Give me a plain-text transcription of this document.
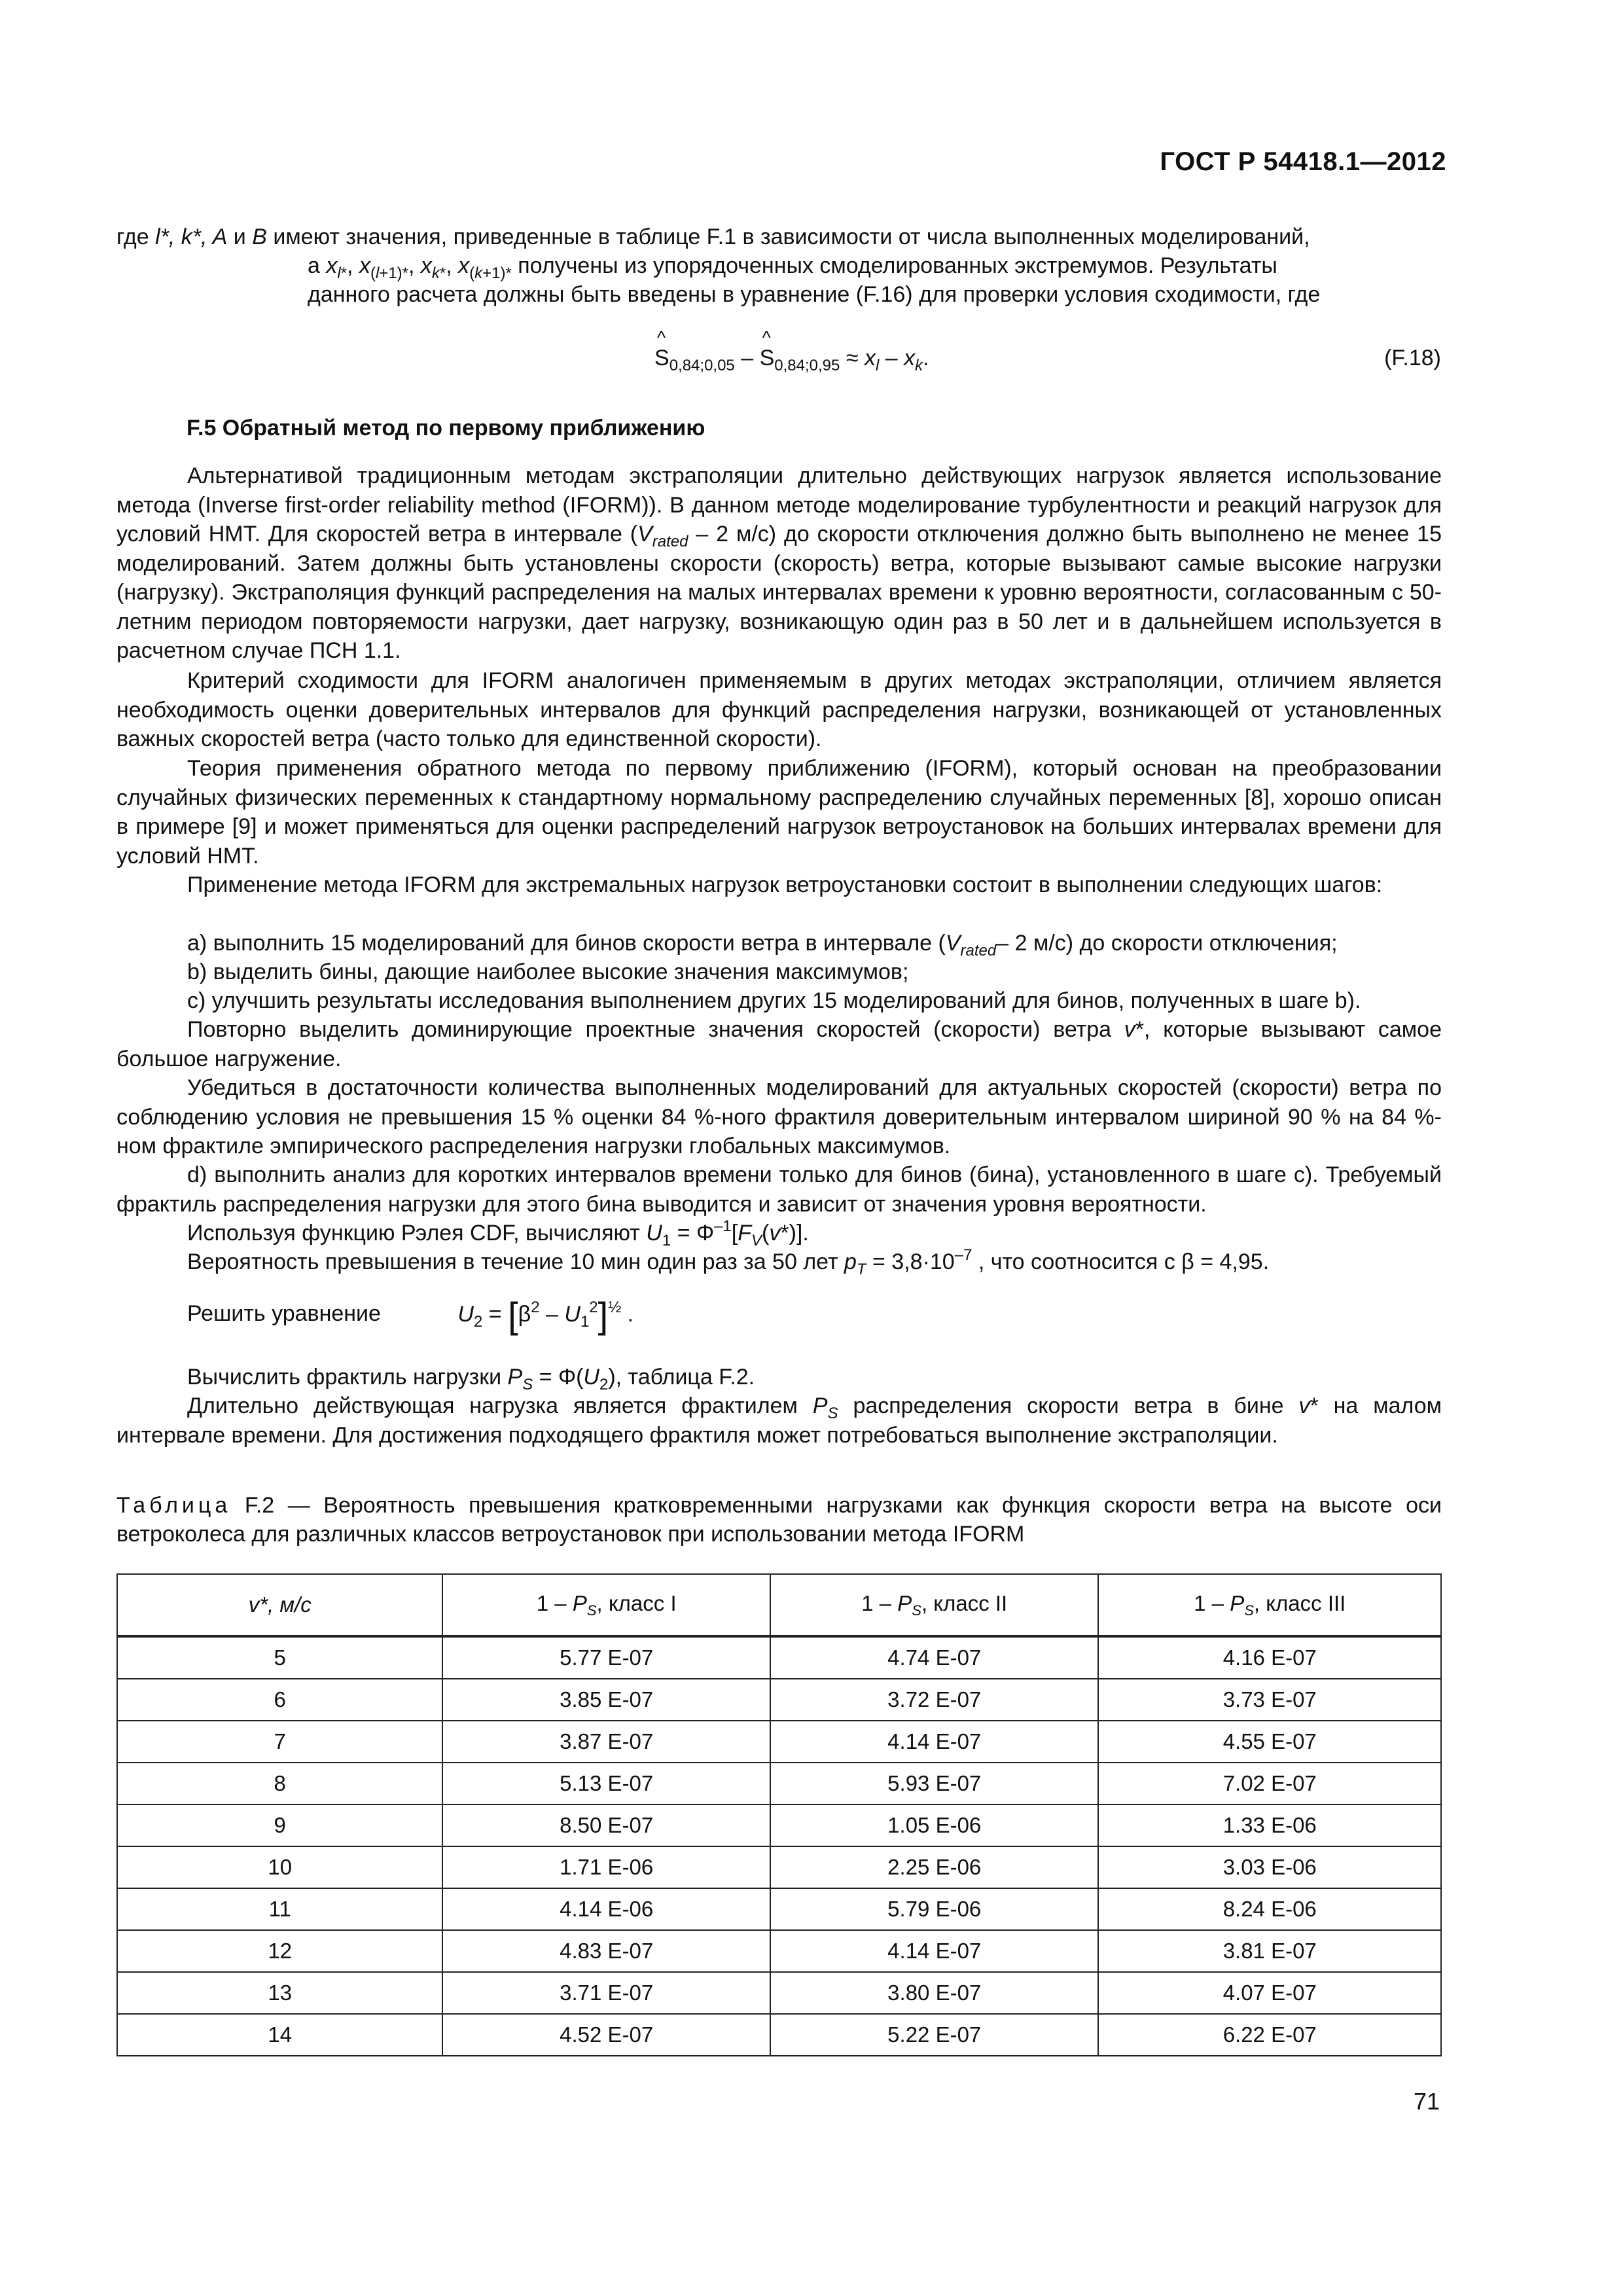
ГОСТ Р 54418.1—2012

где l*, k*, A и B имеют значения, приведенные в таблице F.1 в зависимости от числа выполненных моделирований,

а $x_{l*}$, $x_{(l+1)*}$, $x_{k*}$, $x_{(k+1)*}$ получены из упорядоченных смоделированных экстремумов. Результаты

данного расчета должны быть введены в уравнение (F.16) для проверки условия сходимости, где

^ $S_{0,84;0,05}$ – ^ $S_{0,84;0,95} \approx x_l - x_k$.	(F.18)
F.5 Обратный метод по первому приближению

Альтернативой традиционным методам экстраполяции длительно действующих нагрузок является использование метода (Inverse first-order reliability method (IFORM)). В данном методе моделирование турбулентности и реакций нагрузок для условий НМТ. Для скоростей ветра в интервале ($V_{rated} - 2$ м/с) до скорости отключения должно быть выполнено не менее 15 моделирований. Затем должны быть установлены скорости (скорость) ветра, которые вызывают самые высокие нагрузки (нагрузку). Экстраполяция функций распределения на малых интервалах времени к уровню вероятности, согласованным с 50-летним периодом повторяемости нагрузки, дает нагрузку, возникающую один раз в 50 лет и в дальнейшем используется в расчетном случае ПСН 1.1.

Критерий сходимости для IFORM аналогичен применяемым в других методах экстраполяции, отличием является необходимость оценки доверительных интервалов для функций распределения нагрузки, возникающей от установленных важных скоростей ветра (часто только для единственной скорости).

Теория применения обратного метода по первому приближению (IFORM), который основан на преобразовании случайных физических переменных к стандартному нормальному распределению случайных переменных [8], хорошо описан в примере [9] и может применяться для оценки распределений нагрузок ветроустановок на больших интервалах времени для условий НМТ.

Применение метода IFORM для экстремальных нагрузок ветроустановки состоит в выполнении следующих шагов:

a) выполнить 15 моделирований для бинов скорости ветра в интервале ($V_{rated}-$ 2 м/с) до скорости отключения;

b) выделить бины, дающие наиболее высокие значения максимумов;

c) улучшить результаты исследования выполнением других 15 моделирований для бинов, полученных в шаге b).

Повторно выделить доминирующие проектные значения скоростей (скорости) ветра v*, которые вызывают самое большое нагружение.

Убедиться в достаточности количества выполненных моделирований для актуальных скоростей (скорости) ветра по соблюдению условия не превышения 15 % оценки 84 %-ного фрактиля доверительным интервалом шириной 90 % на 84 %-ном фрактиле эмпирического распределения нагрузки глобальных максимумов.

d) выполнить анализ для коротких интервалов времени только для бинов (бина), установленного в шаге c). Требуемый фрактиль распределения нагрузки для этого бина выводится и зависит от значения уровня вероятности.

Используя функцию Рэлея CDF, вычисляют $U_1 = \Phi^{-1}[F_V(v*)]$.

Вероятность превышения в течение 10 мин один раз за 50 лет $p_T = 3,8\cdot 10^{-7}$ , что соотносится с β = 4,95.

Решить уравнение	$U_2 = [\beta^2 - U_1^2]^{\frac{1}{2}}$ .

Вычислить фрактиль нагрузки $P_S = \Phi(U_2)$, таблица F.2.

Длительно действующая нагрузка является фрактилем $P_S$ распределения скорости ветра в бине v* на малом интервале времени. Для достижения подходящего фрактиля может потребоваться выполнение экстраполяции.

Таблица F.2 — Вероятность превышения кратковременными нагрузками как функция скорости ветра на высоте оси ветроколеса для различных классов ветроустановок при использовании метода IFORM

v*, м/с	$1 - P_S$, класс I	$1 - P_S$, класс II	$1 - P_S$, класс III
5	5.77 E-07	4.74 E-07	4.16 E-07
6	3.85 E-07	3.72 E-07	3.73 E-07
7	3.87 E-07	4.14 E-07	4.55 E-07
8	5.13 E-07	5.93 E-07	7.02 E-07
9	8.50 E-07	1.05 E-06	1.33 E-06
10	1.71 E-06	2.25 E-06	3.03 E-06
11	4.14 E-06	5.79 E-06	8.24 E-06
12	4.83 E-07	4.14 E-07	3.81 E-07
13	3.71 E-07	3.80 E-07	4.07 E-07
14	4.52 E-07	5.22 E-07	6.22 E-07
71
